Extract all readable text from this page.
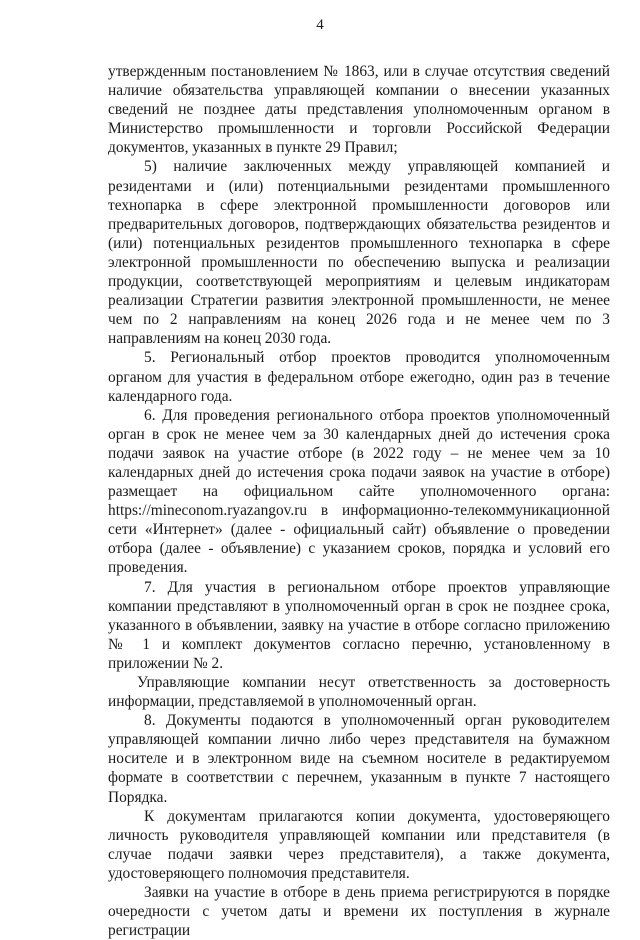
4

утвержденным постановлением № 1863, или в случае отсутствия сведений наличие обязательства управляющей компании о внесении указанных сведений не позднее даты представления уполномоченным органом в Министерство промышленности и торговли Российской Федерации документов, указанных в пункте 29 Правил;

5) наличие заключенных между управляющей компанией и резидентами и (или) потенциальными резидентами промышленного технопарка в сфере электронной промышленности договоров или предварительных договоров, подтверждающих обязательства резидентов и (или) потенциальных резидентов промышленного технопарка в сфере электронной промышленности по обеспечению выпуска и реализации продукции, соответствующей мероприятиям и целевым индикаторам реализации Стратегии развития электронной промышленности, не менее чем по 2 направлениям на конец 2026 года и не менее чем по 3 направлениям на конец 2030 года.

5. Региональный отбор проектов проводится уполномоченным органом для участия в федеральном отборе ежегодно, один раз в течение календарного года.

6. Для проведения регионального отбора проектов уполномоченный орган в срок не менее чем за 30 календарных дней до истечения срока подачи заявок на участие отборе (в 2022 году – не менее чем за 10 календарных дней до истечения срока подачи заявок на участие в отборе) размещает на официальном сайте уполномоченного органа: https://mineconom.ryazangov.ru в информационно-телекоммуникационной сети «Интернет» (далее - официальный сайт) объявление о проведении отбора (далее - объявление) с указанием сроков, порядка и условий его проведения.

7. Для участия в региональном отборе проектов управляющие компании представляют в уполномоченный орган в срок не позднее срока, указанного в объявлении, заявку на участие в отборе согласно приложению № 1 и комплект документов согласно перечню, установленному в приложении № 2.

Управляющие компании несут ответственность за достоверность информации, представляемой в уполномоченный орган.

8. Документы подаются в уполномоченный орган руководителем управляющей компании лично либо через представителя на бумажном носителе и в электронном виде на съемном носителе в редактируемом формате в соответствии с перечнем, указанным в пункте 7 настоящего Порядка.

К документам прилагаются копии документа, удостоверяющего личность руководителя управляющей компании или представителя (в случае подачи заявки через представителя), а также документа, удостоверяющего полномочия представителя.

Заявки на участие в отборе в день приема регистрируются в порядке очередности с учетом даты и времени их поступления в журнале регистрации
